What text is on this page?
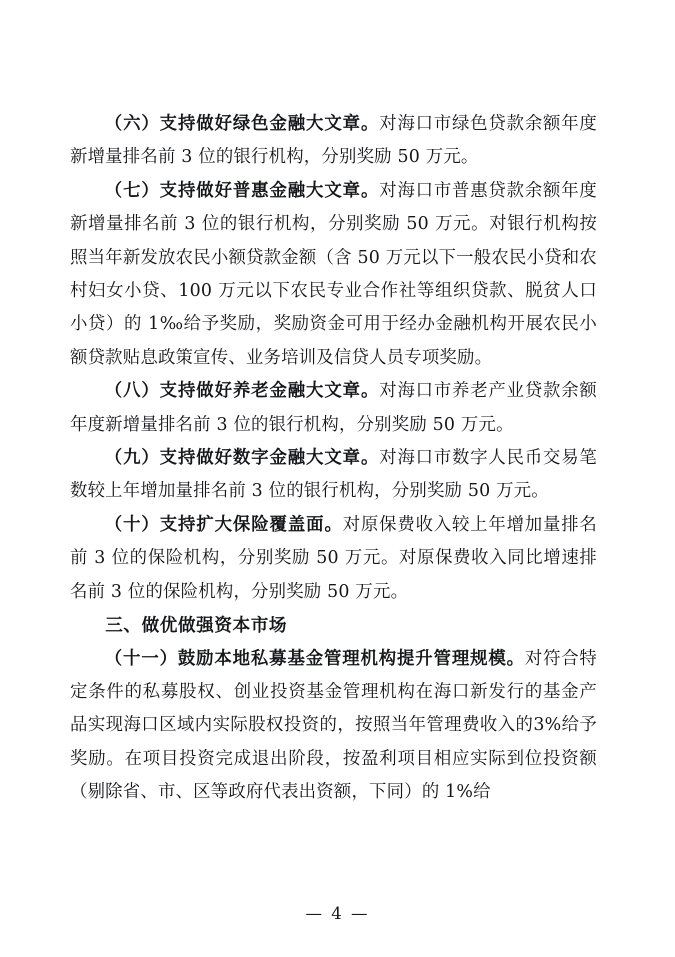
（六）支持做好绿色金融大文章。对海口市绿色贷款余额年度新增量排名前 3 位的银行机构，分别奖励 50 万元。

（七）支持做好普惠金融大文章。对海口市普惠贷款余额年度新增量排名前 3 位的银行机构，分别奖励 50 万元。对银行机构按照当年新发放农民小额贷款金额（含 50 万元以下一般农民小贷和农村妇女小贷、100 万元以下农民专业合作社等组织贷款、脱贫人口小贷）的 1‰给予奖励，奖励资金可用于经办金融机构开展农民小额贷款贴息政策宣传、业务培训及信贷人员专项奖励。

（八）支持做好养老金融大文章。对海口市养老产业贷款余额年度新增量排名前 3 位的银行机构，分别奖励 50 万元。

（九）支持做好数字金融大文章。对海口市数字人民币交易笔数较上年增加量排名前 3 位的银行机构，分别奖励 50 万元。

（十）支持扩大保险覆盖面。对原保费收入较上年增加量排名前 3 位的保险机构，分别奖励 50 万元。对原保费收入同比增速排名前 3 位的保险机构，分别奖励 50 万元。

三、做优做强资本市场

（十一）鼓励本地私募基金管理机构提升管理规模。对符合特定条件的私募股权、创业投资基金管理机构在海口新发行的基金产品实现海口区域内实际股权投资的，按照当年管理费收入的3%给予奖励。在项目投资完成退出阶段，按盈利项目相应实际到位投资额（剔除省、市、区等政府代表出资额，下同）的 1%给

— 4 —
